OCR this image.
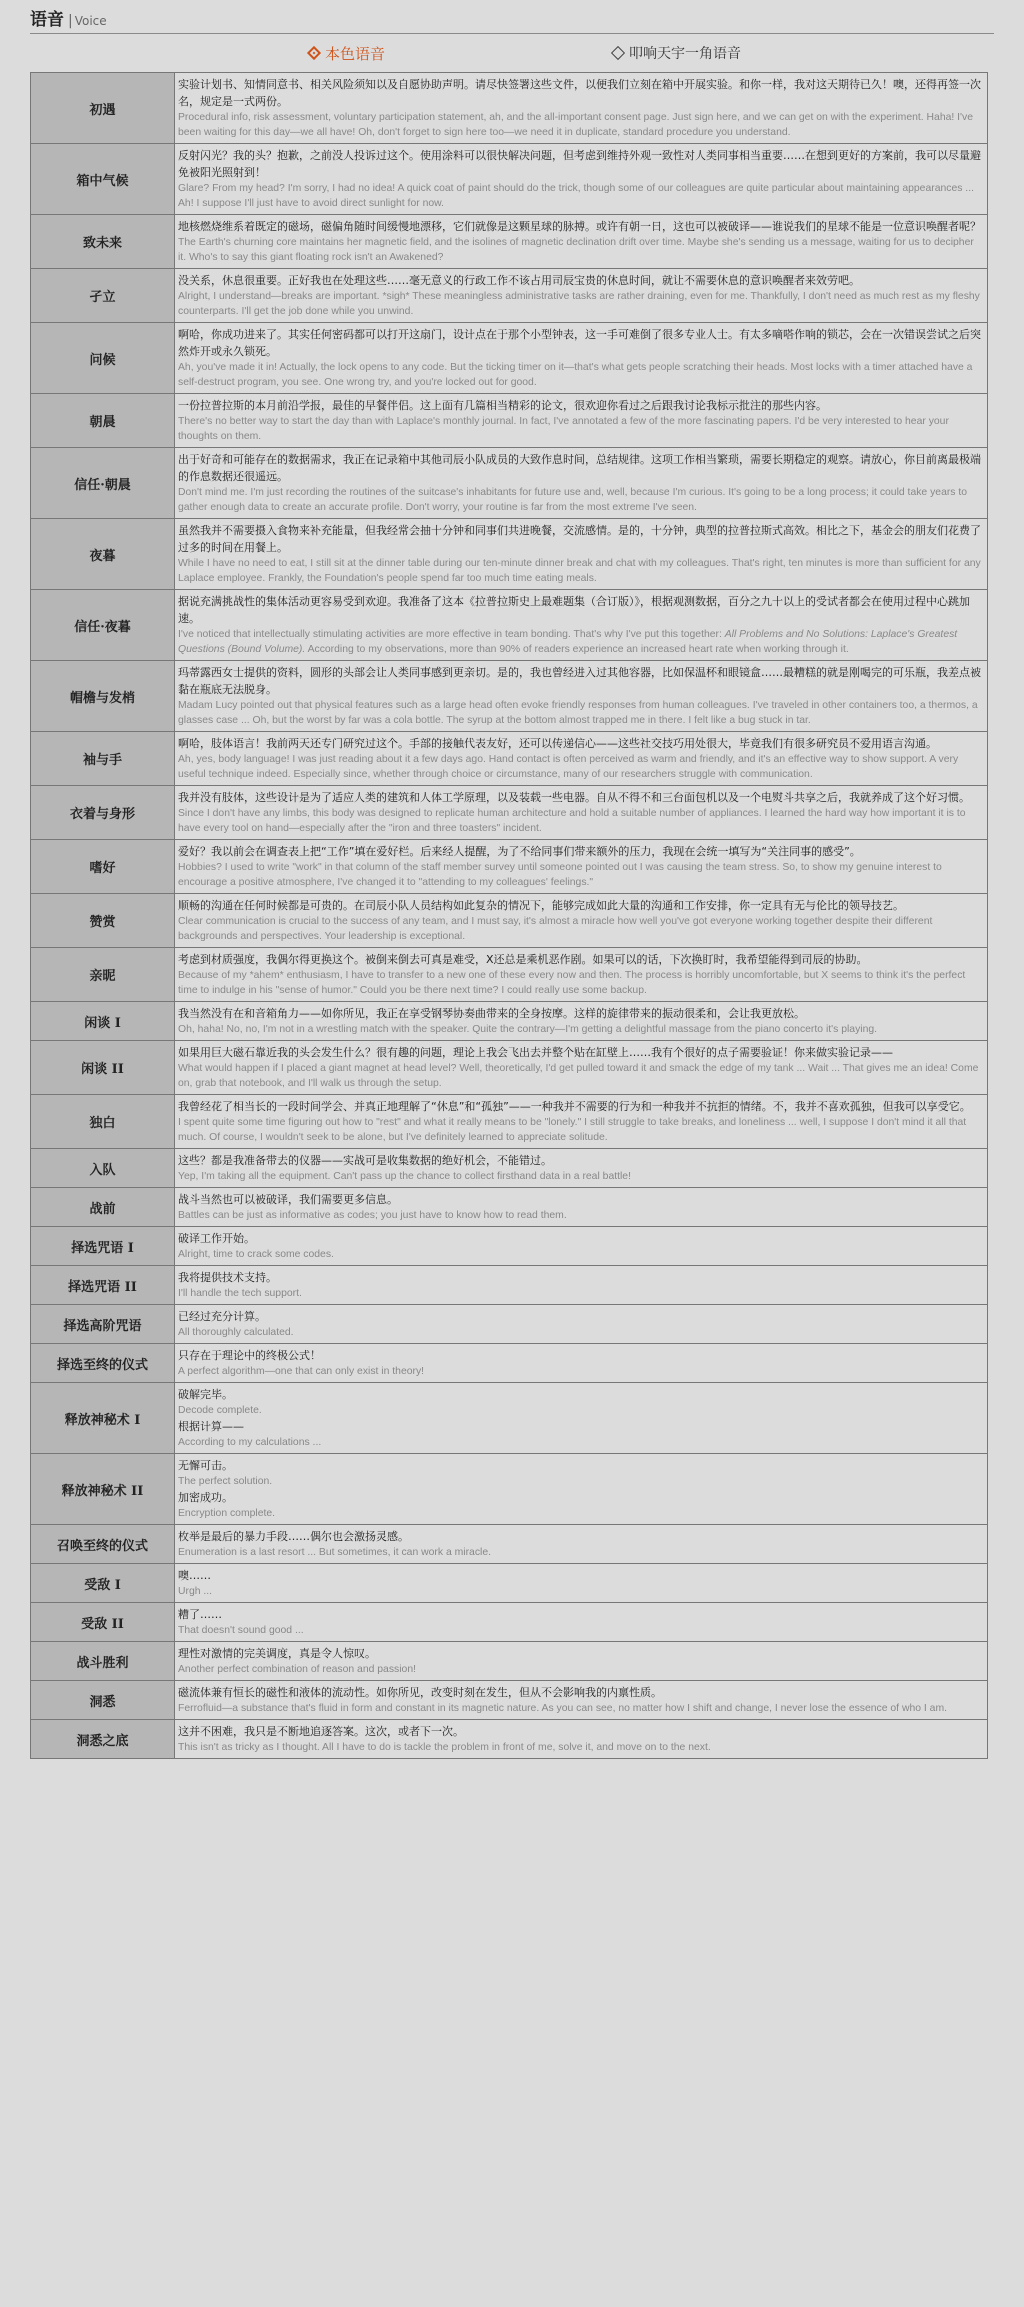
语音 | Voice
本色语音	叩响天宇一角语音
初遇
实验计划书、知情同意书、相关风险须知以及自愿协助声明。请尽快签署这些文件，以便我们立刻在箱中开展实验。和你一样，我对这天期待已久！噢，还得再签一次名，规定是一式两份。
Procedural info, risk assessment, voluntary participation statement, ah, and the all-important consent page. Just sign here, and we can get on with the experiment. Haha! I've been waiting for this day—we all have! Oh, don't forget to sign here too—we need it in duplicate, standard procedure you understand.
箱中气候
反射闪光？我的头？抱歉，之前没人投诉过这个。使用涂料可以很快解决问题，但考虑到维持外观一致性对人类同事相当重要……在想到更好的方案前，我可以尽量避免被阳光照射到！
Glare? From my head? I'm sorry, I had no idea! A quick coat of paint should do the trick, though some of our colleagues are quite particular about maintaining appearances ... Ah! I suppose I'll just have to avoid direct sunlight for now.
致未来
地核燃烧维系着既定的磁场，磁偏角随时间缓慢地漂移，它们就像是这颗星球的脉搏。或许有朝一日，这也可以被破译——谁说我们的星球不能是一位意识唤醒者呢？
The Earth's churning core maintains her magnetic field, and the isolines of magnetic declination drift over time. Maybe she's sending us a message, waiting for us to decipher it. Who's to say this giant floating rock isn't an Awakened?
孑立
没关系，休息很重要。正好我也在处理这些……毫无意义的行政工作不该占用司辰宝贵的休息时间，就让不需要休息的意识唤醒者来效劳吧。
Alright, I understand—breaks are important. *sigh* These meaningless administrative tasks are rather draining, even for me. Thankfully, I don't need as much rest as my fleshy counterparts. I'll get the job done while you unwind.
问候
啊哈，你成功进来了。其实任何密码都可以打开这扇门，设计点在于那个小型钟表，这一手可难倒了很多专业人士。有太多嘀嗒作响的锁芯，会在一次错误尝试之后突然炸开或永久锁死。
Ah, you've made it in! Actually, the lock opens to any code. But the ticking timer on it—that's what gets people scratching their heads. Most locks with a timer attached have a self-destruct program, you see. One wrong try, and you're locked out for good.
朝晨
一份拉普拉斯的本月前沿学报，最佳的早餐伴侣。这上面有几篇相当精彩的论文，很欢迎你看过之后跟我讨论我标示批注的那些内容。
There's no better way to start the day than with Laplace's monthly journal. In fact, I've annotated a few of the more fascinating papers. I'd be very interested to hear your thoughts on them.
信任·朝晨
出于好奇和可能存在的数据需求，我正在记录箱中其他司辰小队成员的大致作息时间，总结规律。这项工作相当繁琐，需要长期稳定的观察。请放心，你目前离最极端的作息数据还很遥远。
Don't mind me. I'm just recording the routines of the suitcase's inhabitants for future use and, well, because I'm curious. It's going to be a long process; it could take years to gather enough data to create an accurate profile. Don't worry, your routine is far from the most extreme I've seen.
夜暮
虽然我并不需要摄入食物来补充能量，但我经常会抽十分钟和同事们共进晚餐，交流感情。是的，十分钟，典型的拉普拉斯式高效。相比之下，基金会的朋友们花费了过多的时间在用餐上。
While I have no need to eat, I still sit at the dinner table during our ten-minute dinner break and chat with my colleagues. That's right, ten minutes is more than sufficient for any Laplace employee. Frankly, the Foundation's people spend far too much time eating meals.
信任·夜暮
据说充满挑战性的集体活动更容易受到欢迎。我准备了这本《拉普拉斯史上最难题集（合订版）》，根据观测数据，百分之九十以上的受试者都会在使用过程中心跳加速。
I've noticed that intellectually stimulating activities are more effective in team bonding. That's why I've put this together: All Problems and No Solutions: Laplace's Greatest Questions (Bound Volume). According to my observations, more than 90% of readers experience an increased heart rate when working through it.
帽檐与发梢
玛蒂露西女士提供的资料，圆形的头部会让人类同事感到更亲切。是的，我也曾经进入过其他容器，比如保温杯和眼镜盒……最糟糕的就是刚喝完的可乐瓶，我差点被黏在瓶底无法脱身。
Madam Lucy pointed out that physical features such as a large head often evoke friendly responses from human colleagues. I've traveled in other containers too, a thermos, a glasses case ... Oh, but the worst by far was a cola bottle. The syrup at the bottom almost trapped me in there. I felt like a bug stuck in tar.
袖与手
啊哈，肢体语言！我前两天还专门研究过这个。手部的接触代表友好，还可以传递信心——这些社交技巧用处很大，毕竟我们有很多研究员不爱用语言沟通。
Ah, yes, body language! I was just reading about it a few days ago. Hand contact is often perceived as warm and friendly, and it's an effective way to show support. A very useful technique indeed. Especially since, whether through choice or circumstance, many of our researchers struggle with communication.
衣着与身形
我并没有肢体，这些设计是为了适应人类的建筑和人体工学原理，以及装载一些电器。自从不得不和三台面包机以及一个电熨斗共享之后，我就养成了这个好习惯。
Since I don't have any limbs, this body was designed to replicate human architecture and hold a suitable number of appliances. I learned the hard way how important it is to have every tool on hand—especially after the "iron and three toasters" incident.
嗜好
爱好？我以前会在调查表上把“工作”填在爱好栏。后来经人提醒，为了不给同事们带来额外的压力，我现在会统一填写为“关注同事的感受”。
Hobbies? I used to write "work" in that column of the staff member survey until someone pointed out I was causing the team stress. So, to show my genuine interest to encourage a positive atmosphere, I've changed it to "attending to my colleagues' feelings."
赞赏
顺畅的沟通在任何时候都是可贵的。在司辰小队人员结构如此复杂的情况下，能够完成如此大量的沟通和工作安排，你一定具有无与伦比的领导技艺。
Clear communication is crucial to the success of any team, and I must say, it's almost a miracle how well you've got everyone working together despite their different backgrounds and perspectives. Your leadership is exceptional.
亲昵
考虑到材质强度，我偶尔得更换这个。被倒来倒去可真是难受，X还总是乘机恶作剧。如果可以的话，下次换盯时，我希望能得到司辰的协助。
Because of my *ahem* enthusiasm, I have to transfer to a new one of these every now and then. The process is horribly uncomfortable, but X seems to think it's the perfect time to indulge in his "sense of humor." Could you be there next time? I could really use some backup.
闲谈 I
我当然没有在和音箱角力——如你所见，我正在享受钢琴协奏曲带来的全身按摩。这样的旋律带来的振动很柔和，会让我更放松。
Oh, haha! No, no, I'm not in a wrestling match with the speaker. Quite the contrary—I'm getting a delightful massage from the piano concerto it's playing.
闲谈 II
如果用巨大磁石靠近我的头会发生什么？很有趣的问题，理论上我会飞出去并整个贴在缸壁上……我有个很好的点子需要验证！你来做实验记录——
What would happen if I placed a giant magnet at head level? Well, theoretically, I'd get pulled toward it and smack the edge of my tank ... Wait ... That gives me an idea! Come on, grab that notebook, and I'll walk us through the setup.
独白
我曾经花了相当长的一段时间学会、并真正地理解了“休息”和“孤独”——一种我并不需要的行为和一种我并不抗拒的情绪。不，我并不喜欢孤独，但我可以享受它。
I spent quite some time figuring out how to "rest" and what it really means to be "lonely." I still struggle to take breaks, and loneliness ... well, I suppose I don't mind it all that much. Of course, I wouldn't seek to be alone, but I've definitely learned to appreciate solitude.
入队
这些？都是我准备带去的仪器——实战可是收集数据的绝好机会，不能错过。
Yep, I'm taking all the equipment. Can't pass up the chance to collect firsthand data in a real battle!
战前
战斗当然也可以被破译，我们需要更多信息。
Battles can be just as informative as codes; you just have to know how to read them.
择选咒语 I
破译工作开始。
Alright, time to crack some codes.
择选咒语 II
我将提供技术支持。
I'll handle the tech support.
择选高阶咒语
已经过充分计算。
All thoroughly calculated.
择选至终的仪式
只存在于理论中的终极公式！
A perfect algorithm—one that can only exist in theory!
释放神秘术 I
破解完毕。
Decode complete.
根据计算——
According to my calculations ...
释放神秘术 II
无懈可击。
The perfect solution.
加密成功。
Encryption complete.
召唤至终的仪式
枚举是最后的暴力手段……偶尔也会激扬灵感。
Enumeration is a last resort ... But sometimes, it can work a miracle.
受敌 I
噢……
Urgh ...
受敌 II
糟了……
That doesn't sound good ...
战斗胜利
理性对激情的完美调度，真是令人惊叹。
Another perfect combination of reason and passion!
洞悉
磁流体兼有恒长的磁性和液体的流动性。如你所见，改变时刻在发生，但从不会影响我的内禀性质。
Ferrofluid—a substance that's fluid in form and constant in its magnetic nature. As you can see, no matter how I shift and change, I never lose the essence of who I am.
洞悉之底
这并不困难，我只是不断地追逐答案。这次，或者下一次。
This isn't as tricky as I thought. All I have to do is tackle the problem in front of me, solve it, and move on to the next.
